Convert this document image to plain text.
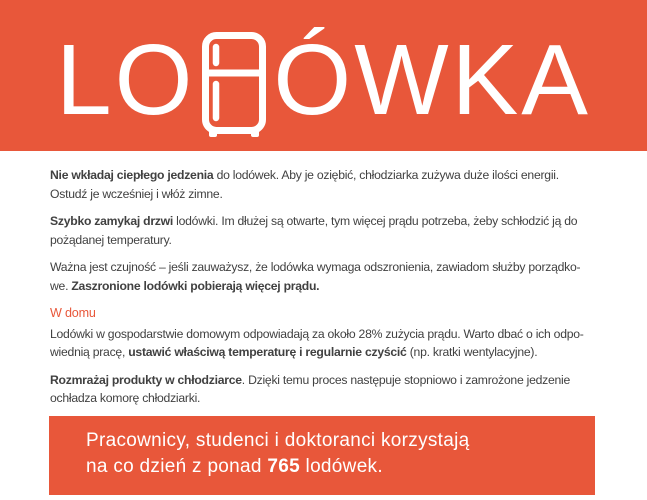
LO ÓWKA

Nie wkładaj ciepłego jedzenia do lodówek. Aby je oziębić, chłodziarka zużywa duże ilości energii.
Ostudź je wcześniej i włóż zimne.

Szybko zamykaj drzwi lodówki. Im dłużej są otwarte, tym więcej prądu potrzeba, żeby schłodzić ją do
pożądanej temperatury.

Ważna jest czujność – jeśli zauważysz, że lodówka wymaga odszronienia, zawiadom służby porządko-
we. Zaszronione lodówki pobierają więcej prądu.

W domu

Lodówki w gospodarstwie domowym odpowiadają za około 28% zużycia prądu. Warto dbać o ich odpo-
wiednią pracę, ustawić właściwą temperaturę i regularnie czyścić (np. kratki wentylacyjne).

Rozmrażaj produkty w chłodziarce. Dzięki temu proces następuje stopniowo i zamrożone jedzenie
ochładza komorę chłodziarki.

Pracownicy, studenci i doktoranci korzystają
na co dzień z ponad 765 lodówek.
